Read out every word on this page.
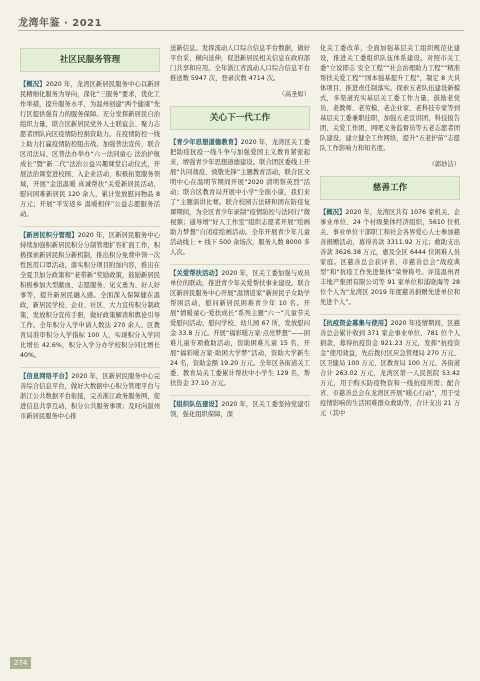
龙湾年鉴 · 2021
社区民服务管理

【概况】2020 年，龙湾区新居民服务中心以新居民精细化服务为导向，深化“三服务”要求，优化工作举措，提升服务水平，为温州创建“两个健康”先行区提供强有力的服务保障。充分发挥新居民自治组织力量，联合区新居民党外人士联谊会、聚力志愿者团队向区疫情防控捐资助力。在疫情防控一线上助力打赢疫情防控阻击战。加强普法宣传，联合区司法局、区普法办举办“六一法同童心 法治护航成长”暨“新二代”法治公益兴趣课堂启动仪式，开展法治课堂进校园、入企业活动，积极拓宽服务领域，开展“金迅温暖 真诚帮扶”关爱新居民活动，慰问困难新居民 120 余人，累计发放慰问物品 8 万元；开展“平安返乡 温暖相伴”公益志愿服务活动。

【新居民积分管理】2020 年，区新居民服务中心持续加强积新居民积分分制管理扩容扩面工作，积极探索新居民积分新机制，推出积分免费申领一次性医用口罩活动，落实积分项目附加内容，推出在全夏卫加分政策和“老带新”奖励政策，鼓励新居民积极参加大型献血、志愿服务、见义勇为、好人好事等，提升新居民融入感。全面深入保障健在温政，新居民学校、企业、社区、大力宣传积分制政策，发放积分宣传手册，做好政策解读和舆论引导工作。全年积分入学申请人数达 270 余人。区教育局准审积分入学指标 100 人，实现积分入学同比增长 42.6%，积分入学分办学校积分同比增长 40%。

【信息网络平台】2020 年，区新居民服务中心完善综合信息平台，做好大数据中心积分管理平台与浙江公共数据平台衔接，完善浙江政务服务网，促进信息共享互动，积分公共服务事项；及时向温州市新居民服务中心推

送新信息。发挥流动人口综合信息平台数据，做好平台采、横向延伸，促进新居民相关信息在政府部门共享和应用。全年浙江省流动人口综合信息平台推送数 5947 次，登录次数 4714 次。

（高圣如）
关心下一代工作

【青少年思想道德教育】2020 年，龙湾区关工委把助疫抗疫一线斗争与加强爱国主义教育紧密起来，增强青少年思想道德建设。联合团区委线上开展“共同战疫、致敬先锋”主题教育活动，联合区文明中心在温明节期间开展“2020 清明祭英烈”活动；联合区教育局开展中小学“全面小康，我们来了”主题演讲比赛。联合校园吉法研和团在防疫复课期间，为全区青少年录制“疫情防控与法同行”微视频；通导增“好人工作室”组织志愿者开展“绘画助力梦想”自闭症绘画活动。全年开展青少年儿童活动线上 + 线下 500 余场次，服务人数 8000 多人次。

【关爱帮扶活动】2020 年，区关工委加强与成员单位的联动，推进青少年关爱帮扶事业建设。联合区新居民服务中心开展“温情返家”新居民子女助学帮困活动，慰问新居民困难青少年 10 名。开展“情暖童心·爱扶成长”系列主题“六一”儿童节关爱慰问活动，慰问学校、幼儿园 67 所，发放慰问金 33.8 万元。开展“福彩暖万家·点亮梦想”——困难儿童专项救助活动，资助困难儿童 15 名，开展“福彩暖万家·助困大学梦”活动，资助大学新生 24 名，资助金额 19.20 万元。全年区各街道关工委、教育局关工委累计帮扶中小学生 129 名，帮扶资金 37.10 万元。

【组织队伍建设】2020 年，区关工委坚持党建引领，强化组织保障，深

化关工委改革，全面加强基层关工组织规范化建设，推进关工委组织队伍体系建设。对照市关工委“立说即志 安全工程”“社会治理助力工程”“精准帮扶关爱工程”“国本强基提升工程”，制定 8 大具体项目，推进责任制落实。探索五老队伍建设新模式，多渠道充实基层关工委工作力量，鼓励老党员、老教师、老劳模、老企业家、老科技专家等到基层关工委兼职挂职，加强五老宣讲团，科技报告团、关爱工作团、网吧义务监督员等五老志愿者团队建设，建立健全工作网络，提升“五老护苗”志愿队工作影响力和知名度。

（郭妙洁）
慈善工作

【概况】2020 年，龙湾区共有 1076 家机关、企事业单位、24 个村级集体经济组织，5610 位机关、事业单位干部职工和社会各界爱心人士参加慈善捐赠活动，募得善款 3311.92 万元；救助支出善款 3626.38 万元，惠及全区 6444 位困难人员家庭。区慈善总会获评省、市慈善总会“战疫典型”和“抗疫工作先进集体”荣誉称号。评选温州君丰地产集团有限公司等 91 家单位和浦晓海等 28 位个人为“龙湾区 2019 年度慈善捐赠先进单位和先进个人”。

【抗疫资金募集与使用】2020 年疫情期间，区慈善总会累计收到 371 家企事业单位、781 位个人捐款，募得抗疫资金 921.23 万元，发挥“抗疫资金”使用效益，先后拨付区应急管理局 270 万元、区卫健局 100 万元、区教育局 100 万元、各街道合计 263.02 万元，龙湾区第一人民医院 53.42 万元，用于购买防疫物资和一线抗疫所需；配合省、市慈善总会在龙湾区开展“暖心行动”，用于受疫情影响的生活困难群众救助等，合计支出 21 万元（其中

274
